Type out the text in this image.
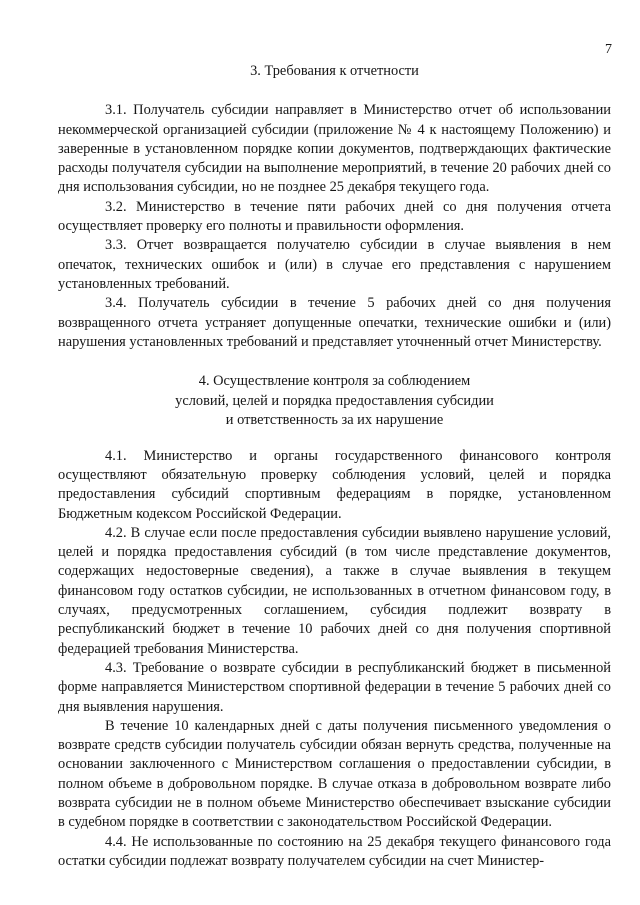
7
3. Требования к отчетности

3.1. Получатель субсидии направляет в Министерство отчет об использовании некоммерческой организацией субсидии (приложение № 4 к настоящему Положению) и заверенные в установленном порядке копии документов, подтверждающих фактические расходы получателя субсидии на выполнение мероприятий, в течение 20 рабочих дней со дня использования субсидии, но не позднее 25 декабря текущего года.

3.2. Министерство в течение пяти рабочих дней со дня получения отчета осуществляет проверку его полноты и правильности оформления.

3.3. Отчет возвращается получателю субсидии в случае выявления в нем опечаток, технических ошибок и (или) в случае его представления с нарушением установленных требований.

3.4. Получатель субсидии в течение 5 рабочих дней со дня получения возвращенного отчета устраняет допущенные опечатки, технические ошибки и (или) нарушения установленных требований и представляет уточненный отчет Министерству.

4. Осуществление контроля за соблюдением
условий, целей и порядка предоставления субсидии
и ответственность за их нарушение

4.1. Министерство и органы государственного финансового контроля осуществляют обязательную проверку соблюдения условий, целей и порядка предоставления субсидий спортивным федерациям в порядке, установленном Бюджетным кодексом Российской Федерации.

4.2. В случае если после предоставления субсидии выявлено нарушение условий, целей и порядка предоставления субсидий (в том числе представление документов, содержащих недостоверные сведения), а также в случае выявления в текущем финансовом году остатков субсидии, не использованных в отчетном финансовом году, в случаях, предусмотренных соглашением, субсидия подлежит возврату в республиканский бюджет в течение 10 рабочих дней со дня получения спортивной федерацией требования Министерства.

4.3. Требование о возврате субсидии в республиканский бюджет в письменной форме направляется Министерством спортивной федерации в течение 5 рабочих дней со дня выявления нарушения.

В течение 10 календарных дней с даты получения письменного уведомления о возврате средств субсидии получатель субсидии обязан вернуть средства, полученные на основании заключенного с Министерством соглашения о предоставлении субсидии, в полном объеме в добровольном порядке. В случае отказа в добровольном возврате либо возврата субсидии не в полном объеме Министерство обеспечивает взыскание субсидии в судебном порядке в соответствии с законодательством Российской Федерации.

4.4. Не использованные по состоянию на 25 декабря текущего финансового года остатки субсидии подлежат возврату получателем субсидии на счет Министер-
